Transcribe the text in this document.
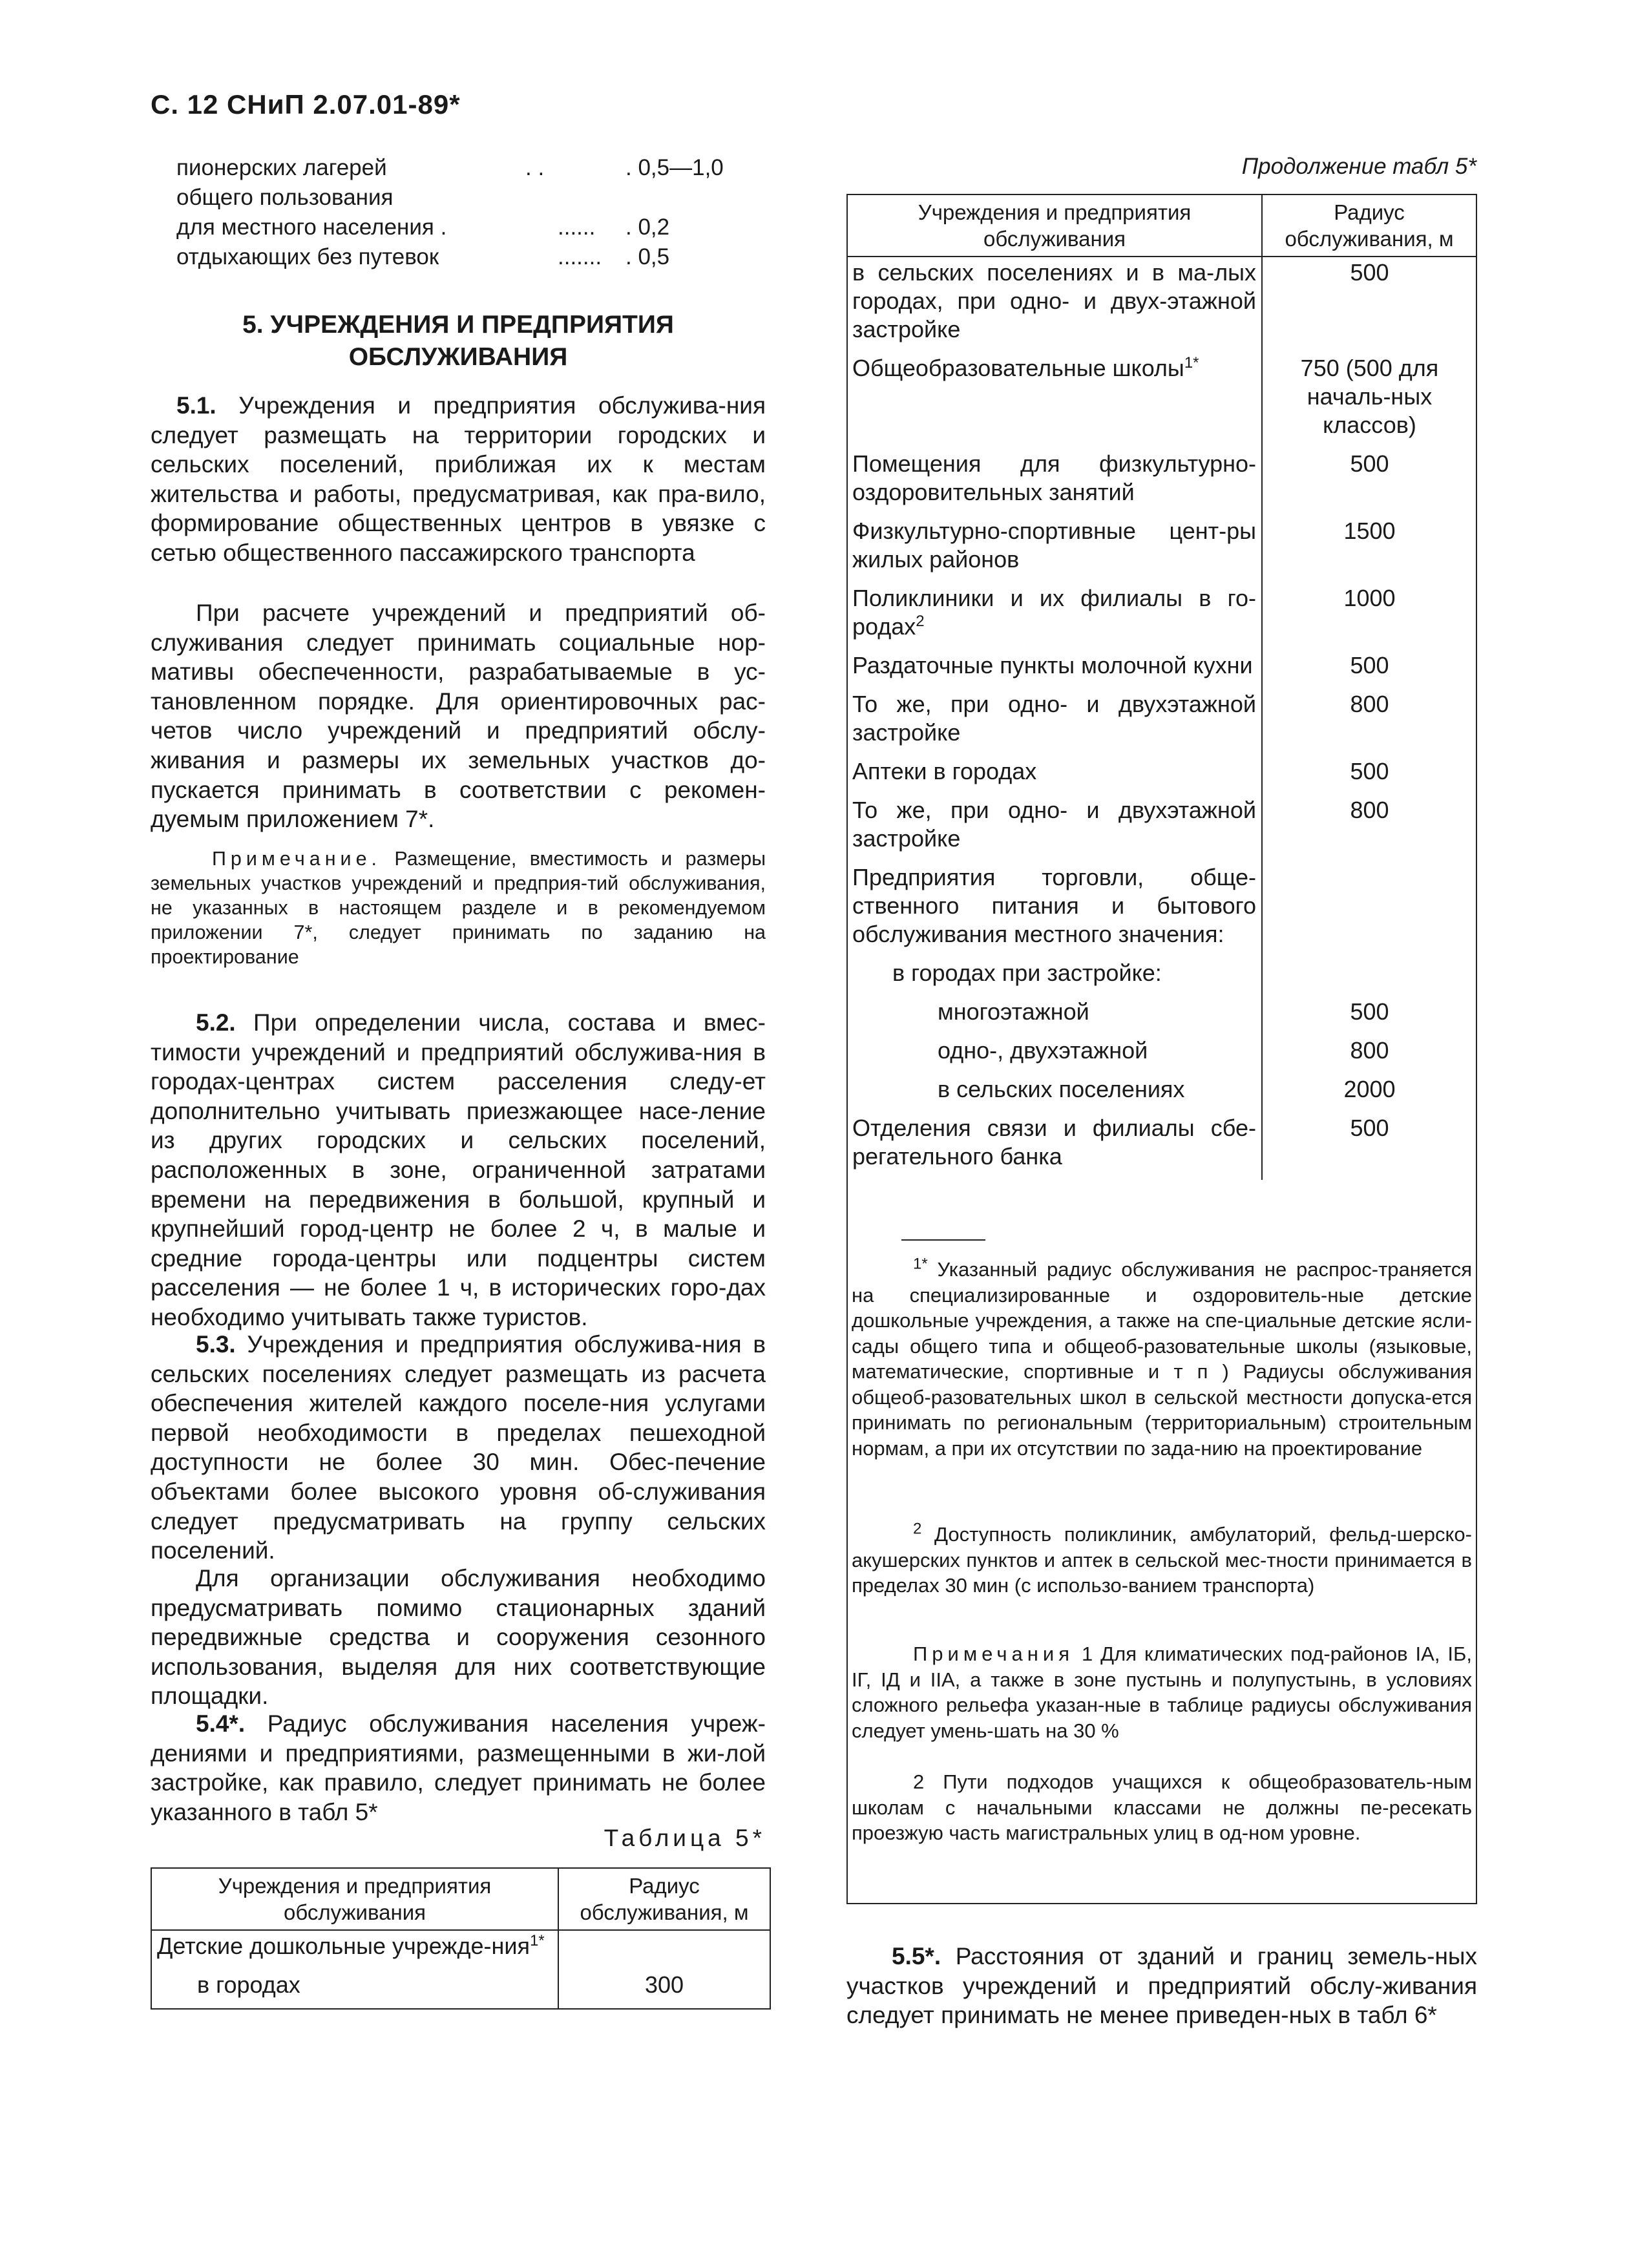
С. 12 СНиП 2.07.01-89*
пионерских лагерей	. .	. 0,5—1,0
общего пользования
для местного населения .	...... . 0,2
отдыхающих без путевок	....... . 0,5
5. УЧРЕЖДЕНИЯ И ПРЕДПРИЯТИЯ
ОБСЛУЖИВАНИЯ
5.1. Учреждения и предприятия обслужива-ния следует размещать на территории городских и сельских поселений, приближая их к местам жительства и работы, предусматривая, как пра-вило, формирование общественных центров в увязке с сетью общественного пассажирского транспорта
При расчете учреждений и предприятий об-служивания следует принимать социальные нор-мативы обеспеченности, разрабатываемые в ус-тановленном порядке. Для ориентировочных рас-четов число учреждений и предприятий обслу-живания и размеры их земельных участков до-пускается принимать в соответствии с рекомен-дуемым приложением 7*.
Примечание. Размещение, вместимость и размеры земельных участков учреждений и предприя-тий обслуживания, не указанных в настоящем разделе и в рекомендуемом приложении 7*, следует принимать по заданию на проектирование
5.2. При определении числа, состава и вмес-тимости учреждений и предприятий обслужива-ния в городах-центрах систем расселения следу-ет дополнительно учитывать приезжающее насе-ление из других городских и сельских поселений, расположенных в зоне, ограниченной затратами времени на передвижения в большой, крупный и крупнейший город-центр не более 2 ч, в малые и средние города-центры или подцентры систем расселения — не более 1 ч, в исторических горо-дах необходимо учитывать также туристов.
5.3. Учреждения и предприятия обслужива-ния в сельских поселениях следует размещать из расчета обеспечения жителей каждого поселе-ния услугами первой необходимости в пределах пешеходной доступности не более 30 мин. Обес-печение объектами более высокого уровня об-служивания следует предусматривать на группу сельских поселений.
Для организации обслуживания необходимо предусматривать помимо стационарных зданий передвижные средства и сооружения сезонного использования, выделяя для них соответствующие площадки.
5.4*. Радиус обслуживания населения учреж-дениями и предприятиями, размещенными в жи-лой застройке, как правило, следует принимать не более указанного в табл 5*
Таблица 5*
Учреждения и предприятия обслуживания	Радиус обслуживания, м
Детские дошкольные учрежде-ния$^{1*}$	
в городах	300
Продолжение табл 5*
Учреждения и предприятия обслуживания	Радиус обслуживания, м
в сельских поселениях и в ма-лых городах, при одно- и двух-этажной застройке	500
Общеобразовательные школы$^{1*}$	750 (500 для началь-ных классов)
Помещения для физкультурно-оздоровительных занятий	500
Физкультурно-спортивные цент-ры жилых районов	1500
Поликлиники и их филиалы в го-родах$^2$	1000
Раздаточные пункты молочной кухни	500
То же, при одно- и двухэтажной застройке	800
Аптеки в городах	500
То же, при одно- и двухэтажной застройке	800
Предприятия торговли, обще-ственного питания и бытового обслуживания местного значения:	
в городах при застройке:	
многоэтажной	500
одно-, двухэтажной	800
в сельских поселениях	2000
Отделения связи и филиалы сбе-регательного банка	500
$^{1*}$ Указанный радиус обслуживания не распрос-траняется на специализированные и оздоровитель-ные детские дошкольные учреждения, а также на спе-циальные детские ясли-сады общего типа и общеоб-разовательные школы (языковые, математические, спортивные и т п ) Радиусы обслуживания общеоб-разовательных школ в сельской местности допуска-ется принимать по региональным (территориальным) строительным нормам, а при их отсутствии по зада-нию на проектирование
$^2$ Доступность поликлиник, амбулаторий, фельд-шерско-акушерских пунктов и аптек в сельской мес-тности принимается в пределах 30 мин (с использо-ванием транспорта)
Примечания 1 Для климатических под-районов IА, IБ, IГ, IД и IIА, а также в зоне пустынь и полупустынь, в условиях сложного рельефа указан-ные в таблице радиусы обслуживания следует умень-шать на 30 %
2 Пути подходов учащихся к общеобразователь-ным школам с начальными классами не должны пе-ресекать проезжую часть магистральных улиц в од-ном уровне.
5.5*. Расстояния от зданий и границ земель-ных участков учреждений и предприятий обслу-живания следует принимать не менее приведен-ных в табл 6*
